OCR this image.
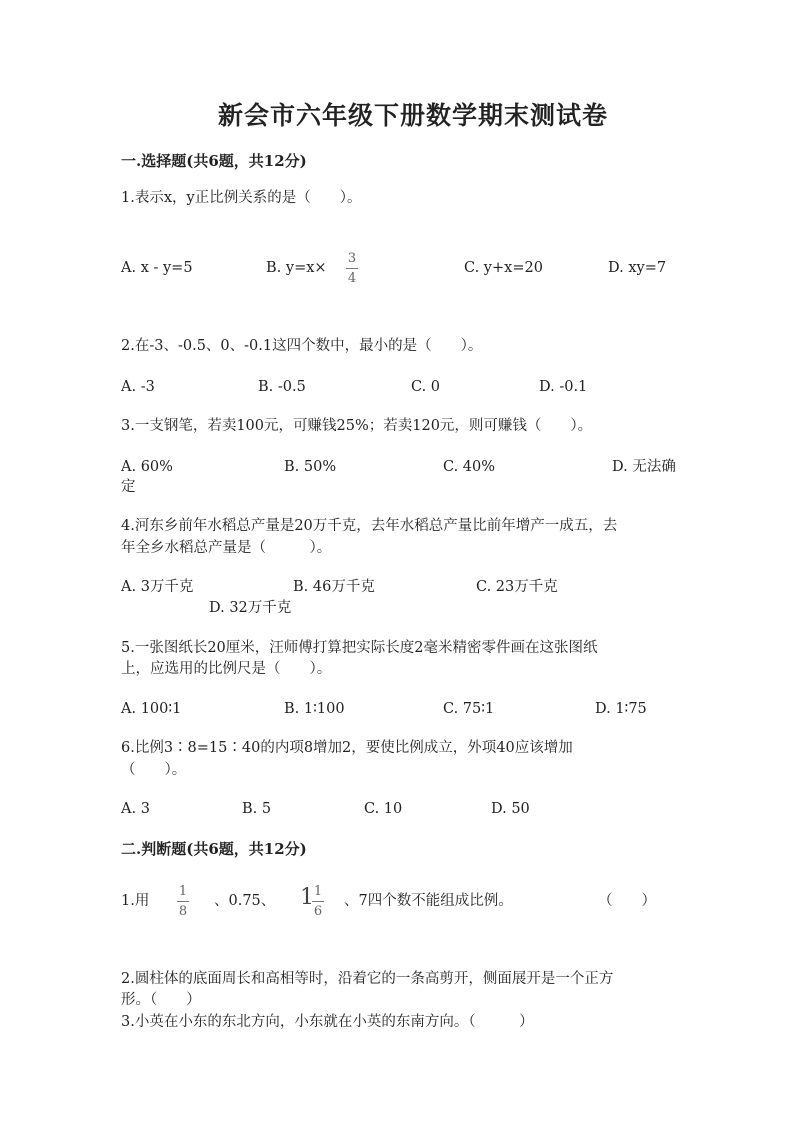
新会市六年级下册数学期末测试卷
一.选择题(共6题，共12分)
1.表示x，y正比例关系的是（　　）。
A. x - y=5	B. y=x×
3
4
C. y+x=20	D. xy=7
2.在-3、-0.5、0、-0.1这四个数中，最小的是（　　）。
A. -3	B. -0.5	C. 0	D. -0.1
3.一支钢笔，若卖100元，可赚钱25%；若卖120元，则可赚钱（　　）。
A. 60%	B. 50%	C. 40%	D. 无法确
定
4.河东乡前年水稻总产量是20万千克，去年水稻总产量比前年增产一成五，去
年全乡水稻总产量是（　　　）。
A. 3万千克	B. 46万千克	C. 23万千克
D. 32万千克
5.一张图纸长20厘米，汪师傅打算把实际长度2毫米精密零件画在这张图纸
上，应选用的比例尺是（　　）。
A. 100∶1	B. 1∶100	C. 75∶1	D. 1∶75
6.比例3∶8=15∶40的内项8增加2，要使比例成立，外项40应该增加
（　　）。
A. 3	B. 5	C. 10	D. 50
二.判断题(共6题，共12分)
1.用
1
8
、0.75、 1 1
6
、7四个数不能组成比例。	（　　）
2.圆柱体的底面周长和高相等时，沿着它的一条高剪开，侧面展开是一个正方
形。（　　）
3.小英在小东的东北方向，小东就在小英的东南方向。（　　　）
